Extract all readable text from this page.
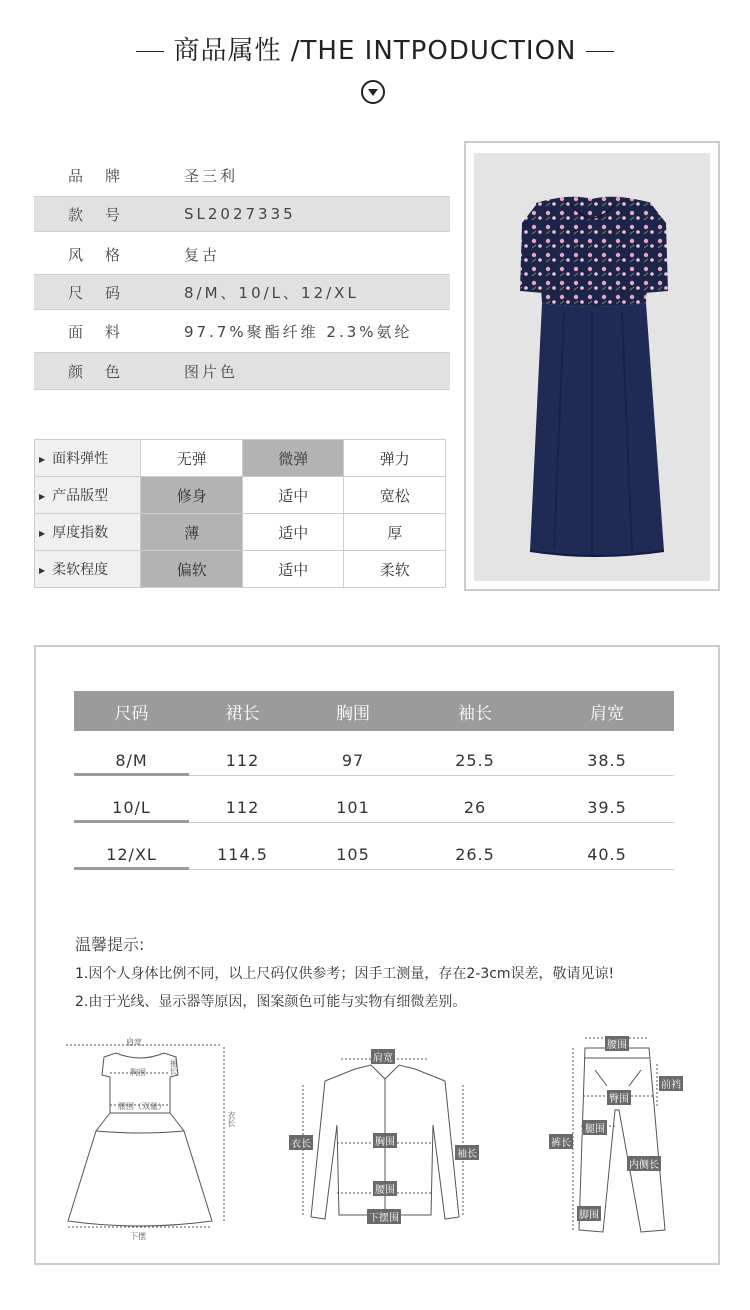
商品属性 /THE INTPODUCTION
品牌	圣三利
款号	SL2027335
风格	复古
尺码	8/M、10/L、12/XL
面料	97.7%聚酯纤维 2.3%氨纶
颜色	图片色
▶ 面料弹性	无弹	微弹	弹力
▶ 产品版型	修身	适中	宽松
▶ 厚度指数	薄	适中	厚
▶ 柔软程度	偏软	适中	柔软
尺码	裙长	胸围	袖长	肩宽
8/M	112	97	25.5	38.5
10/L	112	101	26	39.5
12/XL	114.5	105	26.5	40.5
温馨提示:
1.因个人身体比例不同，以上尺码仅供参考；因手工测量，存在2-3cm误差，敬请见谅!
2.由于光线、显示器等原因，图案颜色可能与实物有细微差别。
肩宽
袖长
胸围
腰围（双量）
衣长
下摆
肩宽
衣长	胸围
袖长
腰围
下摆围
腰围
前裆
臀围
腿围
裤长
内侧长
脚围
